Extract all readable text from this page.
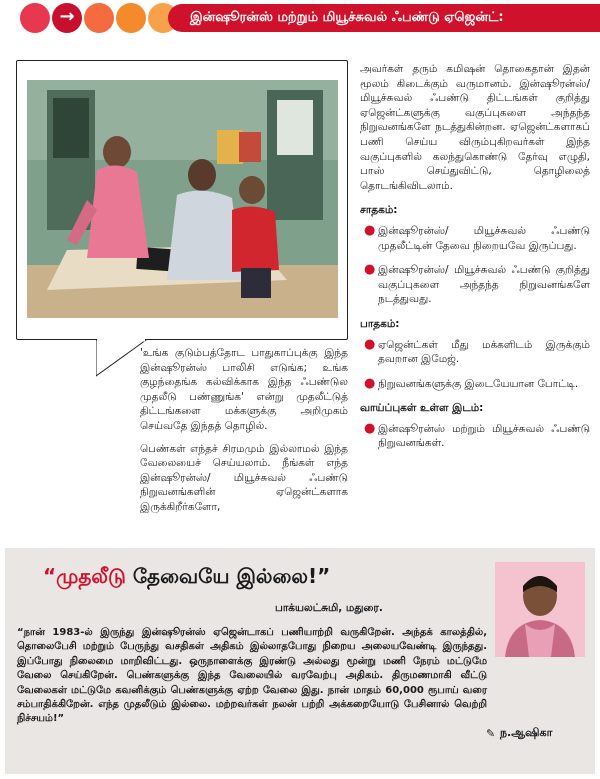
→	இன்ஷூரன்ஸ் மற்றும் மியூச்சுவல் ஃபண்டு ஏஜென்ட்:

'உங்க குடும்பத்தோட பாதுகாப்புக்கு இந்த இன்ஷூரன்ஸ் பாலிசி எடுங்க; உங்க குழந்தைங்க கல்விக்காக இந்த ஃபண்டுல முதலீடு பண்ணுங்க' என்று முதலீட்டுத் திட்டங்களை மக்களுக்கு அறிமுகம் செய்வதே இந்தத் தொழில்.

பெண்கள் எந்தச் சிரமமும் இல்லாமல் இந்த வேலையைச் செய்யலாம். நீங்கள் எந்த இன்ஷூரன்ஸ்/ மியூச்சுவல் ஃபண்டு நிறுவனங்களின் ஏஜென்ட்களாக இருக்கிறீர்களோ,

அவர்கள் தரும் கமிஷன் தொகைதான் இதன் மூலம் கிடைக்கும் வருமானம். இன்ஷூரன்ஸ்/ மியூச்சுவல் ஃபண்டு திட்டங்கள் குறித்து ஏஜென்ட்களுக்கு வகுப்புகளை அந்தந்த நிறுவனங்களே நடத்துகின்றன. ஏஜென்ட்களாகப் பணி செய்ய விரும்புகிறவர்கள் இந்த வகுப்புகளில் கலந்துகொண்டு தேர்வு எழுதி, பாஸ் செய்துவிட்டு, தொழிலைத் தொடங்கிவிடலாம்.

சாதகம்:
● இன்ஷூரன்ஸ்/ மியூச்சுவல் ஃபண்டு முதலீட்டின் தேவை நிறையவே இருப்பது.
● இன்ஷூரன்ஸ்/ மியூச்சுவல் ஃபண்டு குறித்து வகுப்புகளை அந்தந்த நிறுவனங்களே நடத்துவது.
பாதகம்:
● ஏஜென்ட்கள் மீது மக்களிடம் இருக்கும் தவறான இமேஜ்.
● நிறுவனங்களுக்கு இடையேயான போட்டி.
வாய்ப்புகள் உள்ள இடம்:
● இன்ஷூரன்ஸ் மற்றும் மியூச்சுவல் ஃபண்டு நிறுவனங்கள்.
“முதலீடு தேவையே இல்லை!”
பாக்யலட்சுமி, மதுரை.
“நான் 1983-ல் இருந்து இன்ஷூரன்ஸ் ஏஜென்டாகப் பணியாற்றி வருகிறேன். அந்தக் காலத்தில், தொலைபேசி மற்றும் பேருந்து வசதிகள் அதிகம் இல்லாதபோது நிறைய அலையவேண்டி இருந்தது. இப்போது நிலைமை மாறிவிட்டது. ஒருநாளைக்கு இரண்டு அல்லது மூன்று மணி நேரம் மட்டுமே வேலை செய்கிறேன். பெண்களுக்கு இந்த வேலையில் வரவேற்பு அதிகம். திருமணமாகி வீட்டு வேலைகள் மட்டுமே கவனிக்கும் பெண்களுக்கு ஏற்ற வேலை இது. நான் மாதம் 60,000 ரூபாய் வரை சம்பாதிக்கிறேன். எந்த முதலீடும் இல்லை. மற்றவர்கள் நலன் பற்றி அக்கறையோடு பேசினால் வெற்றி நிச்சயம்!”
✎ ந.ஆஷிகா
